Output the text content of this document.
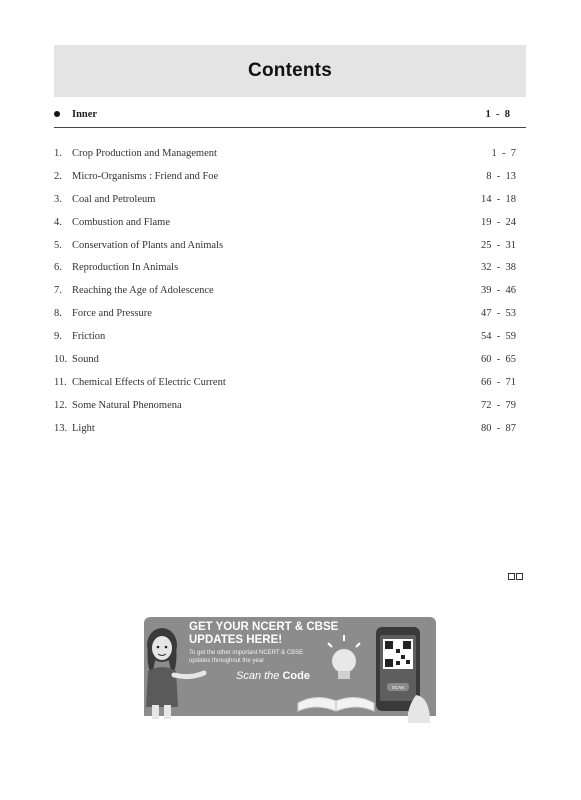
Contents
Inner	1  -  8
1. Crop Production and Management	1  -  7
2. Micro-Organisms : Friend and Foe	8  -  13
3. Coal and Petroleum	14  -  18
4. Combustion and Flame	19  -  24
5. Conservation of Plants and Animals	25  -  31
6. Reproduction In Animals	32  -  38
7. Reaching the Age of Adolescence	39  -  46
8. Force and Pressure	47  -  53
9. Friction	54  -  59
10. Sound	60  -  65
11. Chemical Effects of Electric Current	66  -  71
12. Some Natural Phenomena	72  -  79
13. Light	80  -  87
GET YOUR NCERT & CBSE
UPDATES HERE!
To get the other important NCERT & CBSE
updates throughout the year
Scan the Code
SCAN
